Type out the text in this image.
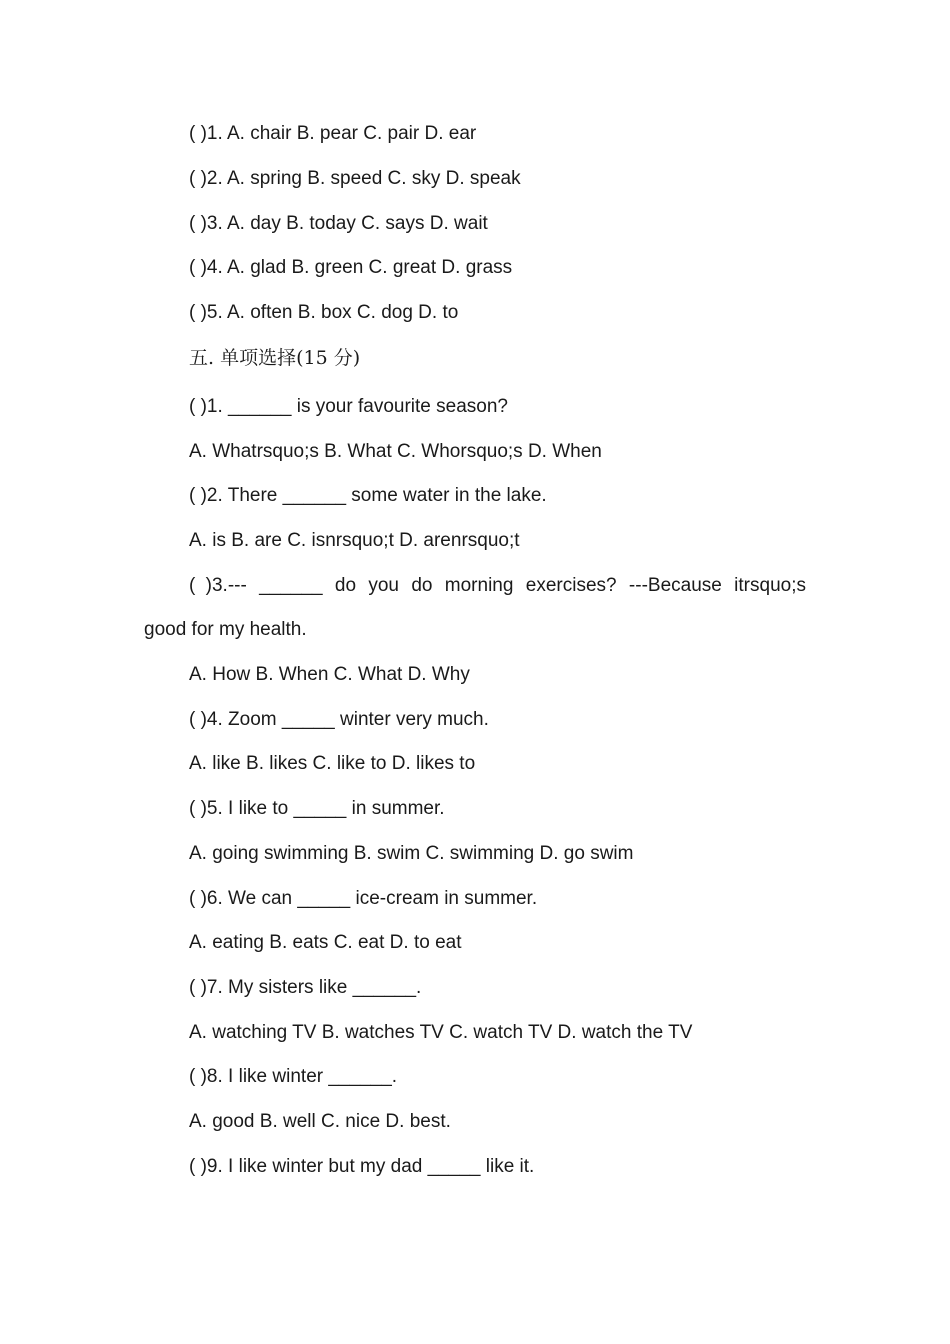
( )1. A. chair B. pear C. pair D. ear
( )2. A. spring B. speed C. sky D. speak
( )3. A. day B. today C. says D. wait
( )4. A. glad B. green C. great D. grass
( )5. A. often B. box C. dog D. to
五. 单项选择(15 分)
( )1. ______ is your favourite season?
A. Whatrsquo;s B. What C. Whorsquo;s D. When
( )2. There ______ some water in the lake.
A. is B. are C. isnrsquo;t D. arenrsquo;t
( )3.--- ______ do you do morning exercises? ---Because itrsquo;s
good for my health.
A. How B. When C. What D. Why
( )4. Zoom _____ winter very much.
A. like B. likes C. like to D. likes to
( )5. I like to _____ in summer.
A. going swimming B. swim C. swimming D. go swim
( )6. We can _____ ice-cream in summer.
A. eating B. eats C. eat D. to eat
( )7. My sisters like ______.
A. watching TV B. watches TV C. watch TV D. watch the TV
( )8. I like winter ______.
A. good B. well C. nice D. best.
( )9. I like winter but my dad _____ like it.
